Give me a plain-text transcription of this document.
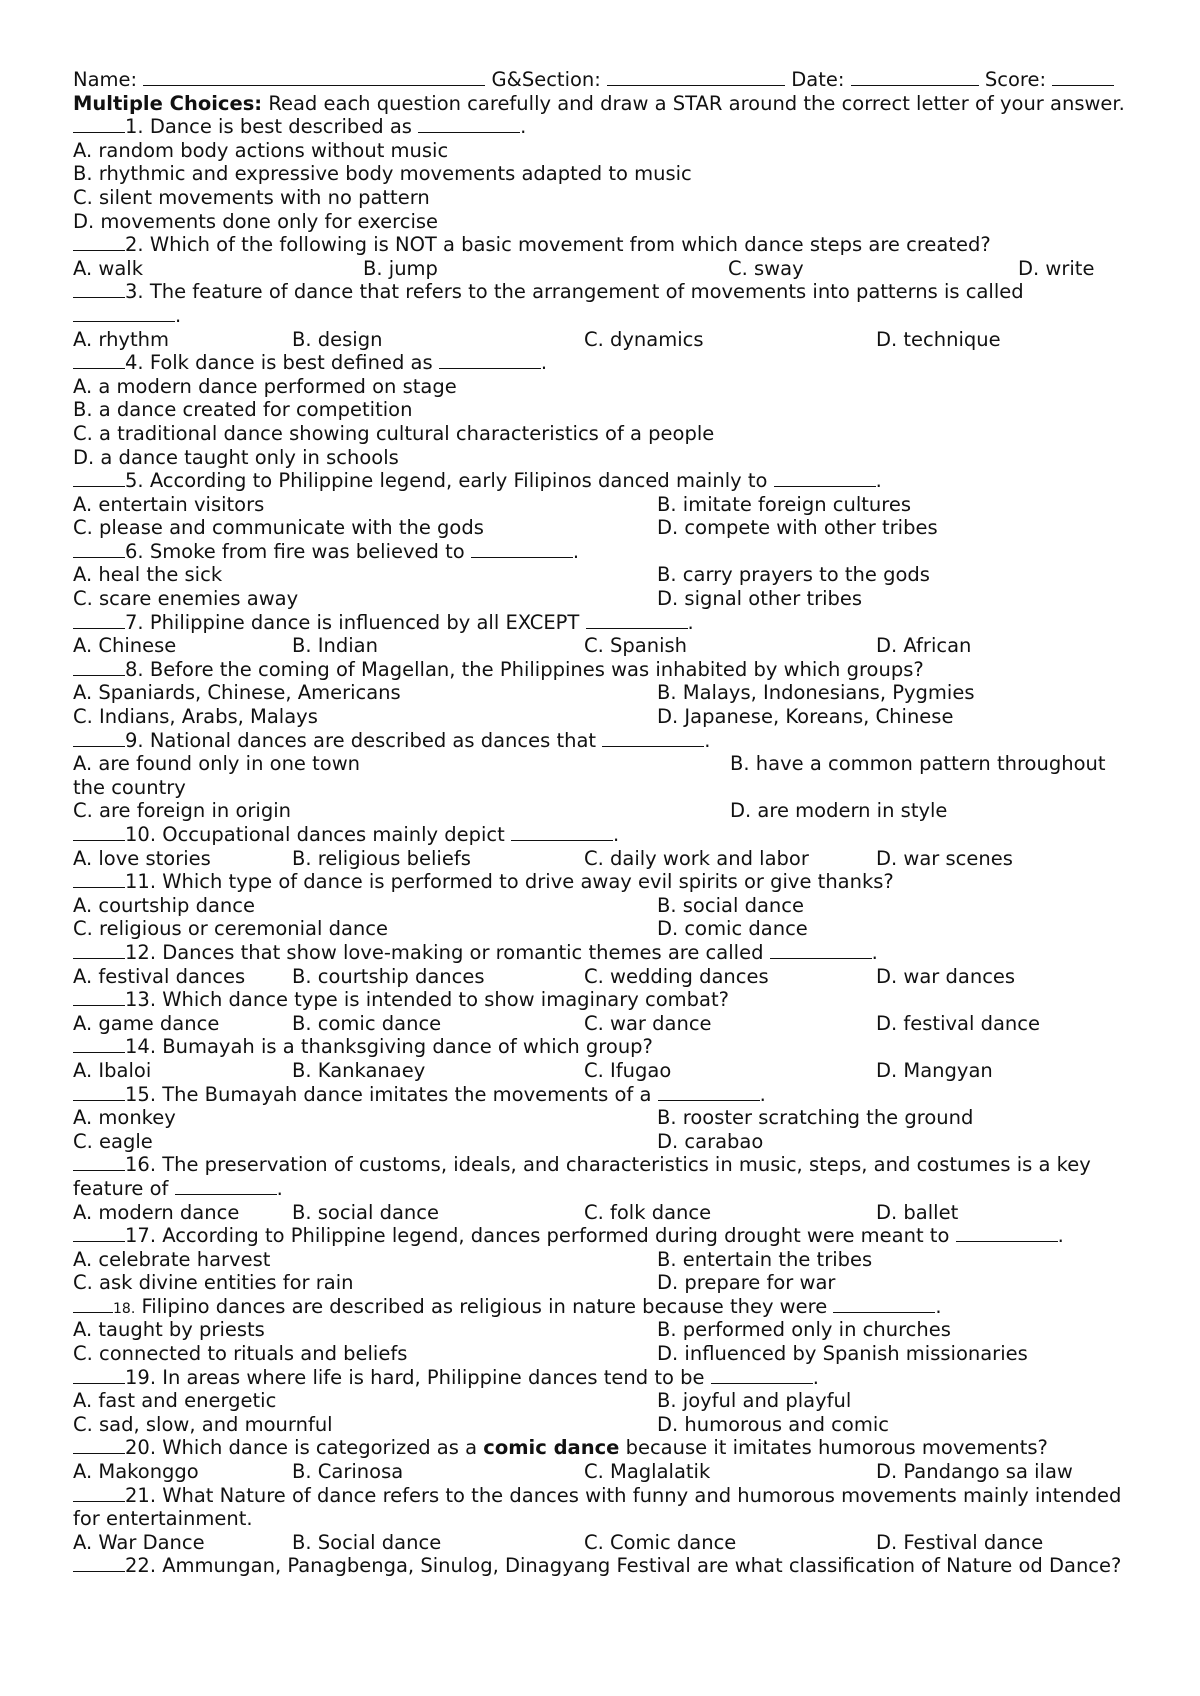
Name:	G&Section:	Date:	Score:
Multiple Choices: Read each question carefully and draw a STAR around the correct letter of your answer.
1. Dance is best described as	.
A. random body actions without music
B. rhythmic and expressive body movements adapted to music
C. silent movements with no pattern
D. movements done only for exercise
2. Which of the following is NOT a basic movement from which dance steps are created?
A. walk	B. jump	C. sway	D. write
3. The feature of dance that refers to the arrangement of movements into patterns is called
.
A. rhythm	B. design	C. dynamics	D. technique
4. Folk dance is best defined as	.
A. a modern dance performed on stage
B. a dance created for competition
C. a traditional dance showing cultural characteristics of a people
D. a dance taught only in schools
5. According to Philippine legend, early Filipinos danced mainly to	.
A. entertain visitors	B. imitate foreign cultures
C. please and communicate with the gods	D. compete with other tribes
6. Smoke from fire was believed to	.
A. heal the sick	B. carry prayers to the gods
C. scare enemies away	D. signal other tribes
7. Philippine dance is influenced by all EXCEPT	.
A. Chinese	B. Indian	C. Spanish	D. African
8. Before the coming of Magellan, the Philippines was inhabited by which groups?
A. Spaniards, Chinese, Americans	B. Malays, Indonesians, Pygmies
C. Indians, Arabs, Malays	D. Japanese, Koreans, Chinese
9. National dances are described as dances that	.
A. are found only in one town	B. have a common pattern throughout the country
C. are foreign in origin	D. are modern in style
10. Occupational dances mainly depict	.
A. love stories	B. religious beliefs	C. daily work and labor	D. war scenes
11. Which type of dance is performed to drive away evil spirits or give thanks?
A. courtship dance	B. social dance
C. religious or ceremonial dance	D. comic dance
12. Dances that show love-making or romantic themes are called	.
A. festival dances B. courtship dances	C. wedding dances	D. war dances
13. Which dance type is intended to show imaginary combat?
A. game dance	B. comic dance	C. war dance	D. festival dance
14. Bumayah is a thanksgiving dance of which group?
A. Ibaloi	B. Kankanaey	C. Ifugao	D. Mangyan
15. The Bumayah dance imitates the movements of a	.
A. monkey	B. rooster scratching the ground
C. eagle	D. carabao
16. The preservation of customs, ideals, and characteristics in music, steps, and costumes is a key feature of	.
A. modern dance	B. social dance	C. folk dance	D. ballet
17. According to Philippine legend, dances performed during drought were meant to	.
A. celebrate harvest	B. entertain the tribes
C. ask divine entities for rain	D. prepare for war
18. Filipino dances are described as religious in nature because they were	.
A. taught by priests	B. performed only in churches
C. connected to rituals and beliefs	D. influenced by Spanish missionaries
19. In areas where life is hard, Philippine dances tend to be	.
A. fast and energetic	B. joyful and playful
C. sad, slow, and mournful	D. humorous and comic
20. Which dance is categorized as a comic dance because it imitates humorous movements?
A. Makonggo	B. Carinosa	C. Maglalatik	D. Pandango sa ilaw
21. What Nature of dance refers to the dances with funny and humorous movements mainly intended for entertainment.
A. War Dance	B. Social dance	C. Comic dance	D. Festival dance
22. Ammungan, Panagbenga, Sinulog, Dinagyang Festival are what classification of Nature od Dance?
